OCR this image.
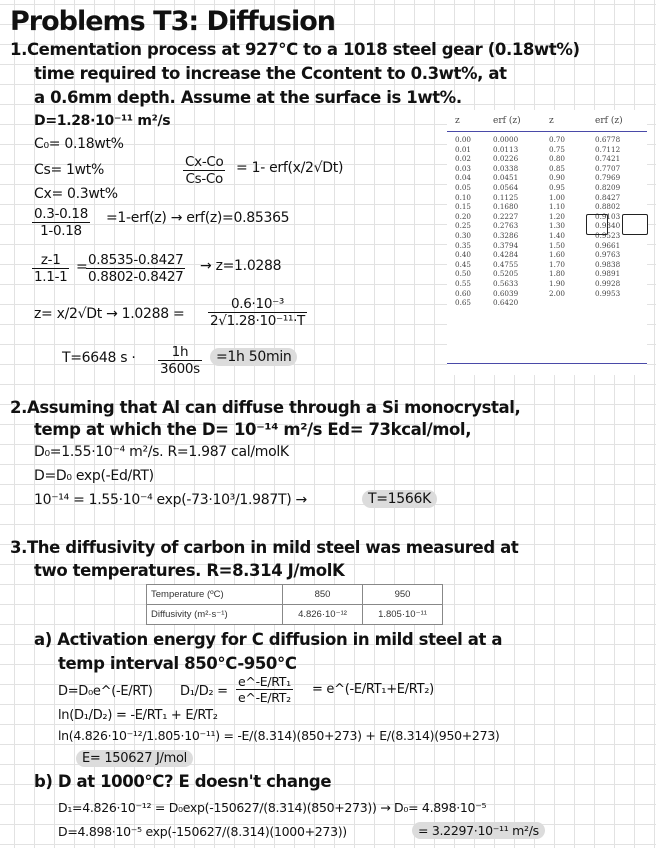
Problems T3: Diffusion
1.Cementation process at 927°C to a 1018 steel gear (0.18wt%)
time required to increase the Ccontent to 0.3wt%, at
a 0.6mm depth. Assume at the surface is 1wt%.
D=1.28·10⁻¹¹ m²/s
C₀= 0.18wt%
Cs= 1wt%
Cx= 0.3wt%
$\frac{Cx-Co}{Cs-Co} = 1-$ erf(x/2√Dt)
$\frac{0.3-0.18}{1-0.18} =1-erf(z) \to erf(z)=0.85365$
$\frac{z-1}{1.1-1}$ =
$\frac{0.8535-0.8427}{0.8802-0.8427} \to z=1.0288$
$z= x/2√Dt \to 1.0288 = \frac{\text{0.6·10⁻³}}{\text{2√1.28·10⁻¹¹·T}}$
T=6648 $s \cdot \frac{1h}{3600s}$	=1h 50min
z	erf (z)	z	erf (z)
0.00	0.0000	0.70	0.6778
0.01	0.0113	0.75	0.7112
0.02	0.0226	0.80	0.7421
0.03	0.0338	0.85	0.7707
0.04	0.0451	0.90	0.7969
0.05	0.0564	0.95	0.8209
0.10	0.1125	1.00	0.8427
0.15	0.1680	1.10	0.8802
0.20	0.2227	1.20	0.9103
0.25	0.2763	1.30	0.9340
0.30	0.3286	1.40	0.9523
0.35	0.3794	1.50	0.9661
0.40	0.4284	1.60	0.9763
0.45	0.4755	1.70	0.9838
0.50	0.5205	1.80	0.9891
0.55	0.5633	1.90	0.9928
0.60	0.6039	2.00	0.9953
0.65	0.6420
2.Assuming that Al can diffuse through a Si monocrystal,
temp at which the D= 10⁻¹⁴ m²/s Ed= 73kcal/mol,
D₀=1.55·10⁻⁴ m²/s. R=1.987 cal/molK
D=D₀ exp(-Ed/RT)
10⁻¹⁴ = 1.55·10⁻⁴ exp(-73·10³/1.987T) →	T=1566K
3.The diffusivity of carbon in mild steel was measured at
two temperatures. R=8.314 J/molK
Temperature (ºC)	850	950
Diffusivity (m²·s⁻¹)	4.826·10⁻¹²	1.805·10⁻¹¹
a) Activation energy for C diffusion in mild steel at a
temp interval 850°C-950°C
D=D₀e^(-E/RT) $D_1/D_2 = \frac{\text{e\textasciicircum{}-E/RT₁}}{\text{e\textasciicircum{}-E/RT₂}}$ = e^(-E/RT₁+E/RT₂)
ln(D₁/D₂) = -E/RT₁ + E/RT₂
ln(4.826·10⁻¹²/1.805·10⁻¹¹) = -E/(8.314)(850+273) + E/(8.314)(950+273)
E= 150627 J/mol
b) D at 1000°C? E doesn't change
D₁=4.826·10⁻¹² = D₀exp(-150627/(8.314)(850+273)) → D₀= 4.898·10⁻⁵
D=4.898·10⁻⁵ exp(-150627/(8.314)(1000+273))	= 3.2297·10⁻¹¹ m²/s
